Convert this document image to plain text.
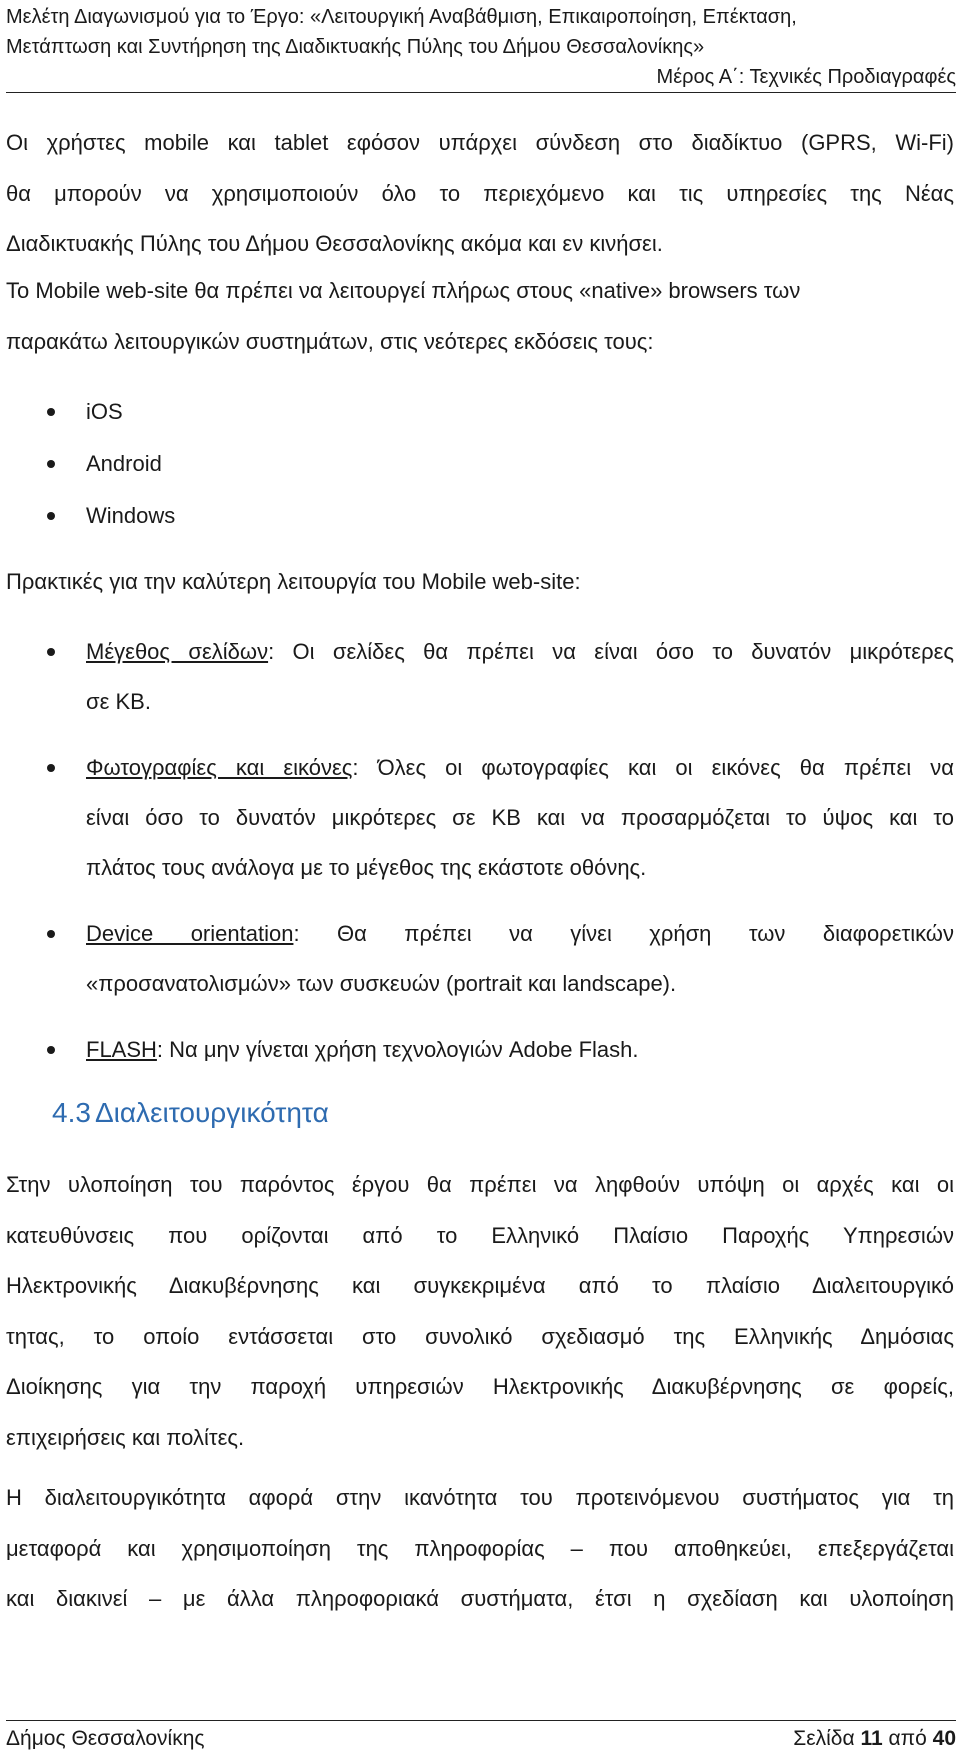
Μελέτη Διαγωνισμού για το Έργο: «Λειτουργική Αναβάθμιση, Επικαιροποίηση, Επέκταση,
Μετάπτωση και Συντήρηση της Διαδικτυακής Πύλης του Δήμου Θεσσαλονίκης»
Μέρος Α΄: Τεχνικές Προδιαγραφές
Οι χρήστες mobile και tablet εφόσον υπάρχει σύνδεση στο διαδίκτυο (GPRS, Wi-Fi)
θα μπορούν να χρησιμοποιούν όλο το περιεχόμενο και τις υπηρεσίες της Νέας
Διαδικτυακής Πύλης του Δήμου Θεσσαλονίκης ακόμα και εν κινήσει.
Το Mobile web-site θα πρέπει να λειτουργεί πλήρως στους «native» browsers των
παρακάτω λειτουργικών συστημάτων, στις νεότερες εκδόσεις τους:
iOS
Android
Windows
Πρακτικές για την καλύτερη λειτουργία του Mobile web-site:
Μέγεθος σελίδων: Οι σελίδες θα πρέπει να είναι όσο το δυνατόν μικρότερες
σε KB.
Φωτογραφίες και εικόνες: Όλες οι φωτογραφίες και οι εικόνες θα πρέπει να
είναι όσο το δυνατόν μικρότερες σε KB και να προσαρμόζεται το ύψος και το
πλάτος τους ανάλογα με το μέγεθος της εκάστοτε οθόνης.
Device orientation: Θα πρέπει να γίνει χρήση των διαφορετικών
«προσανατολισμών» των συσκευών (portrait και landscape).
FLASH: Να μην γίνεται χρήση τεχνολογιών Adobe Flash.
4.3 Διαλειτουργικότητα
Στην υλοποίηση του παρόντος έργου θα πρέπει να ληφθούν υπόψη οι αρχές και οι
κατευθύνσεις που ορίζονται από το Ελληνικό Πλαίσιο Παροχής Υπηρεσιών
Ηλεκτρονικής Διακυβέρνησης και συγκεκριμένα από το πλαίσιο Διαλειτουργικό
τητας, το οποίο εντάσσεται στο συνολικό σχεδιασμό της Ελληνικής Δημόσιας
Διοίκησης για την παροχή υπηρεσιών Ηλεκτρονικής Διακυβέρνησης σε φορείς,
επιχειρήσεις και πολίτες.
Η διαλειτουργικότητα αφορά στην ικανότητα του προτεινόμενου συστήματος για τη
μεταφορά και χρησιμοποίηση της πληροφορίας – που αποθηκεύει, επεξεργάζεται
και διακινεί – με άλλα πληροφοριακά συστήματα, έτσι η σχεδίαση και υλοποίηση
Δήμος Θεσσαλονίκης	Σελίδα 11 από 40
